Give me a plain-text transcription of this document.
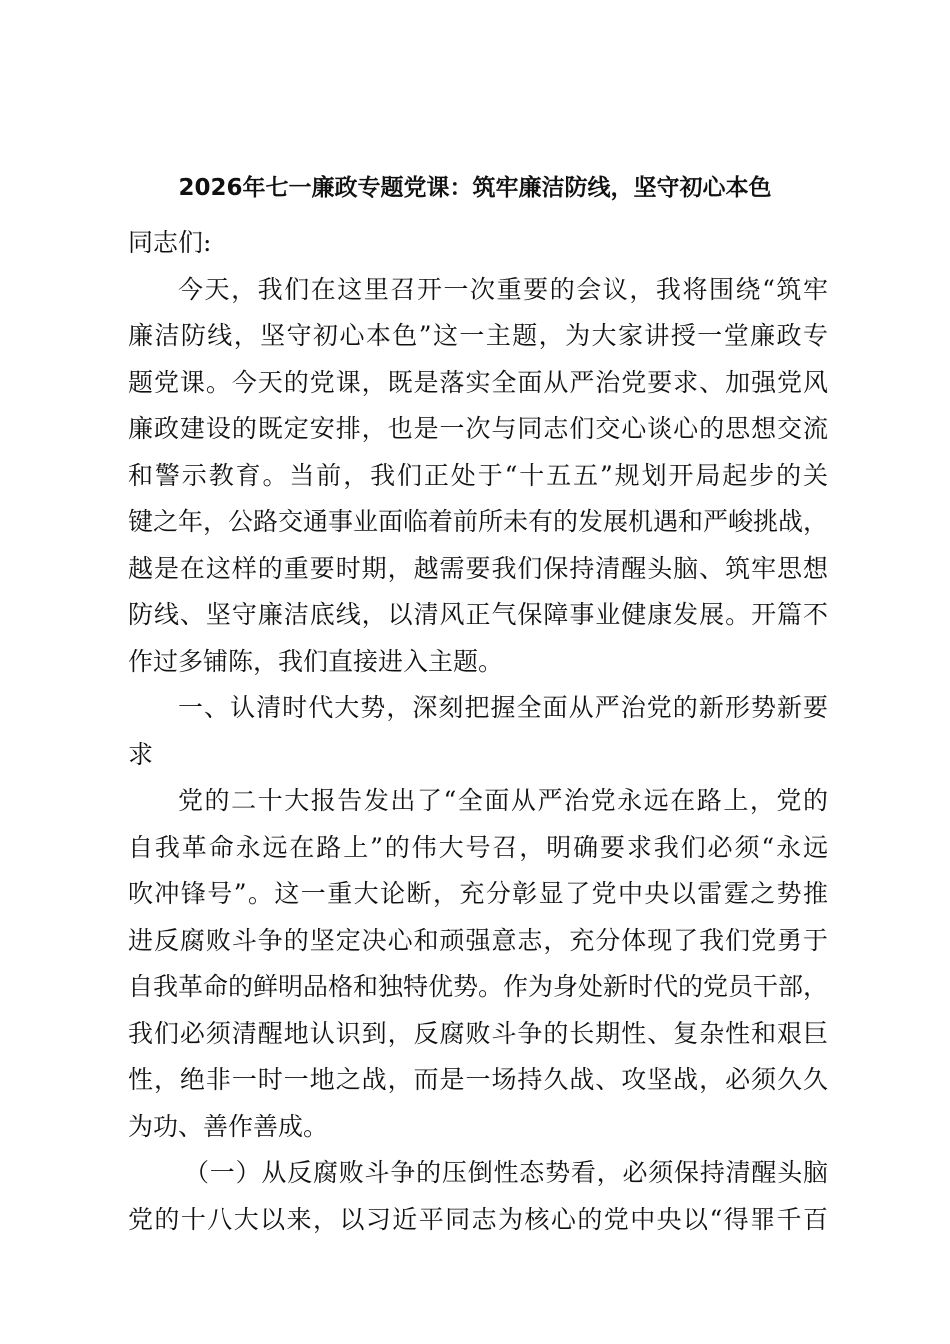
2026年七一廉政专题党课：筑牢廉洁防线，坚守初心本色
同志们:
今天，我们在这里召开一次重要的会议，我将围绕“筑牢
廉洁防线，坚守初心本色”这一主题，为大家讲授一堂廉政专
题党课。今天的党课，既是落实全面从严治党要求、加强党风
廉政建设的既定安排，也是一次与同志们交心谈心的思想交流
和警示教育。当前，我们正处于“十五五”规划开局起步的关
键之年，公路交通事业面临着前所未有的发展机遇和严峻挑战，
越是在这样的重要时期，越需要我们保持清醒头脑、筑牢思想
防线、坚守廉洁底线，以清风正气保障事业健康发展。开篇不
作过多铺陈，我们直接进入主题。
一、认清时代大势，深刻把握全面从严治党的新形势新要
求
党的二十大报告发出了“全面从严治党永远在路上，党的
自我革命永远在路上”的伟大号召，明确要求我们必须“永远
吹冲锋号”。这一重大论断，充分彰显了党中央以雷霆之势推
进反腐败斗争的坚定决心和顽强意志，充分体现了我们党勇于
自我革命的鲜明品格和独特优势。作为身处新时代的党员干部，
我们必须清醒地认识到，反腐败斗争的长期性、复杂性和艰巨
性，绝非一时一地之战，而是一场持久战、攻坚战，必须久久
为功、善作善成。
（一）从反腐败斗争的压倒性态势看，必须保持清醒头脑
党的十八大以来，以习近平同志为核心的党中央以“得罪千百
